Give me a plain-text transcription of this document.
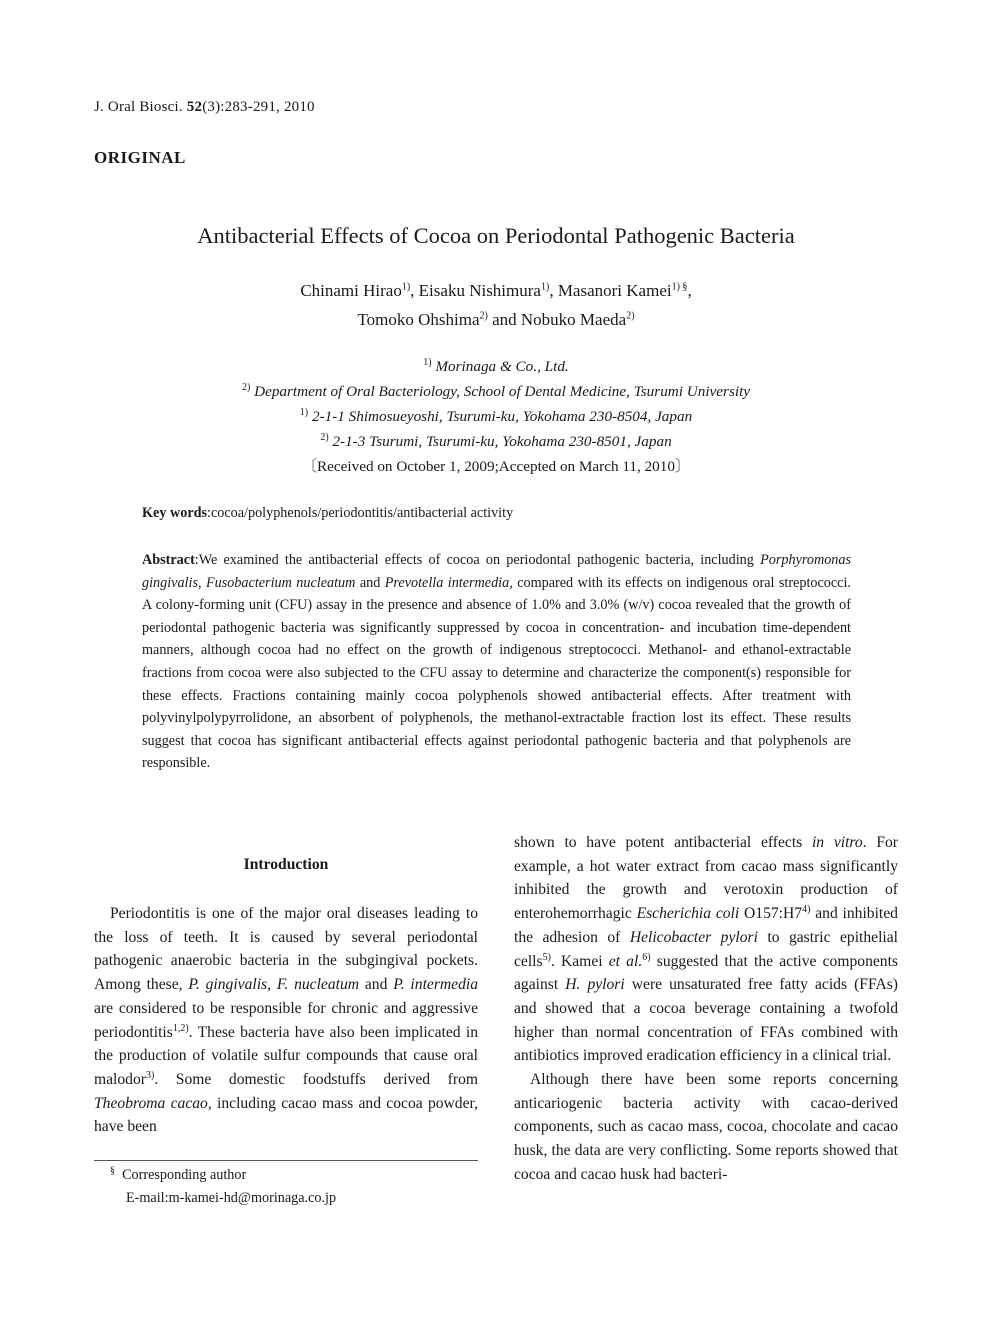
J. Oral Biosci. 52(3):283‑291, 2010
ORIGINAL
Antibacterial Effects of Cocoa on Periodontal Pathogenic Bacteria
Chinami Hirao$^{1)}$, Eisaku Nishimura$^{1)}$, Masanori Kamei$^{1) \S}$,
Tomoko Ohshima$^{2)}$ and Nobuko Maeda$^{2)}$
$^{1)}$ Morinaga & Co., Ltd.
$^{2)}$ Department of Oral Bacteriology, School of Dental Medicine, Tsurumi University
$^{1)}$ 2‑1‑1 Shimosueyoshi, Tsurumi‑ku, Yokohama 230‑8504, Japan
$^{2)}$ 2‑1‑3 Tsurumi, Tsurumi‑ku, Yokohama 230‑8501, Japan
〔Received on October 1, 2009;Accepted on March 11, 2010〕
Key words:cocoa/polyphenols/periodontitis/antibacterial activity
Abstract:We examined the antibacterial effects of cocoa on periodontal pathogenic bacteria, including Porphyromonas gingivalis, Fusobacterium nucleatum and Prevotella intermedia, compared with its effects on indigenous oral streptococci. A colony‑forming unit (CFU) assay in the presence and absence of 1.0% and 3.0% (w/v) cocoa revealed that the growth of periodontal pathogenic bacteria was significantly suppressed by cocoa in concentration‑ and incubation time‑dependent manners, although cocoa had no effect on the growth of indigenous streptococci. Methanol‑ and ethanol‑extractable fractions from cocoa were also subjected to the CFU assay to determine and characterize the component(s) responsible for these effects. Fractions containing mainly cocoa polyphenols showed antibacterial effects. After treatment with polyvinylpolypyrrolidone, an absorbent of polyphenols, the methanol‑extractable fraction lost its effect. These results suggest that cocoa has significant antibacterial effects against periodontal pathogenic bacteria and that polyphenols are responsible.
Introduction

Periodontitis is one of the major oral diseases leading to the loss of teeth. It is caused by several periodontal pathogenic anaerobic bacteria in the subgingival pockets. Among these, P. gingivalis, F. nucleatum and P. intermedia are considered to be responsible for chronic and aggressive periodontitis$^{1,2)}$. These bacteria have also been implicated in the production of volatile sulfur compounds that cause oral malodor$^{3)}$. Some domestic foodstuffs derived from Theobroma cacao, including cacao mass and cocoa powder, have been

shown to have potent antibacterial effects in vitro. For example, a hot water extract from cacao mass significantly inhibited the growth and verotoxin production of enterohemorrhagic Escherichia coli O157:H7$^{4)}$ and inhibited the adhesion of Helicobacter pylori to gastric epithelial cells$^{5)}$. Kamei et al.$^{6)}$ suggested that the active components against H. pylori were unsaturated free fatty acids (FFAs) and showed that a cocoa beverage containing a twofold higher than normal concentration of FFAs combined with antibiotics improved eradication efficiency in a clinical trial.

Although there have been some reports concerning anticariogenic bacteria activity with cacao‑derived components, such as cacao mass, cocoa, chocolate and cacao husk, the data are very conflicting. Some reports showed that cocoa and cacao husk had bacteri-

§ Corresponding author
E‑mail:m‑kamei‑hd@morinaga.co.jp
